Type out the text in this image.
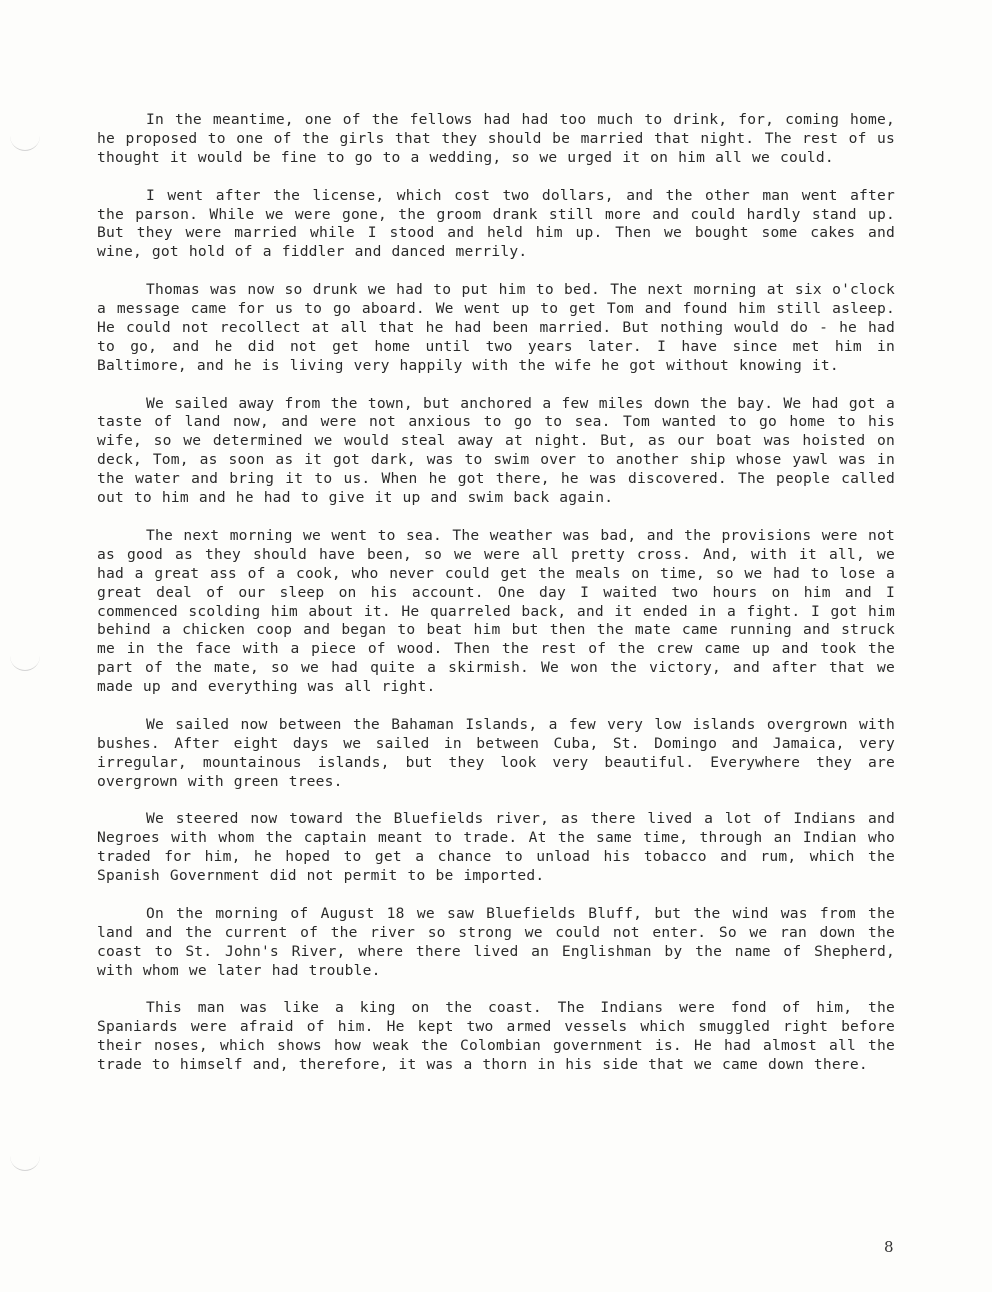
In the meantime, one of the fellows had had too much to drink, for, coming home, he proposed to one of the girls that they should be married that night. The rest of us thought it would be fine to go to a wedding, so we urged it on him all we could.

I went after the license, which cost two dollars, and the other man went after the parson. While we were gone, the groom drank still more and could hardly stand up. But they were married while I stood and held him up. Then we bought some cakes and wine, got hold of a fiddler and danced merrily.

Thomas was now so drunk we had to put him to bed. The next morning at six o'clock a message came for us to go aboard. We went up to get Tom and found him still asleep. He could not recollect at all that he had been married. But nothing would do - he had to go, and he did not get home until two years later. I have since met him in Baltimore, and he is living very happily with the wife he got without knowing it.

We sailed away from the town, but anchored a few miles down the bay. We had got a taste of land now, and were not anxious to go to sea. Tom wanted to go home to his wife, so we determined we would steal away at night. But, as our boat was hoisted on deck, Tom, as soon as it got dark, was to swim over to another ship whose yawl was in the water and bring it to us. When he got there, he was discovered. The people called out to him and he had to give it up and swim back again.

The next morning we went to sea. The weather was bad, and the provisions were not as good as they should have been, so we were all pretty cross. And, with it all, we had a great ass of a cook, who never could get the meals on time, so we had to lose a great deal of our sleep on his account. One day I waited two hours on him and I commenced scolding him about it. He quarreled back, and it ended in a fight. I got him behind a chicken coop and began to beat him but then the mate came running and struck me in the face with a piece of wood. Then the rest of the crew came up and took the part of the mate, so we had quite a skirmish. We won the victory, and after that we made up and everything was all right.

We sailed now between the Bahaman Islands, a few very low islands overgrown with bushes. After eight days we sailed in between Cuba, St. Domingo and Jamaica, very irregular, mountainous islands, but they look very beautiful. Everywhere they are overgrown with green trees.

We steered now toward the Bluefields river, as there lived a lot of Indians and Negroes with whom the captain meant to trade. At the same time, through an Indian who traded for him, he hoped to get a chance to unload his tobacco and rum, which the Spanish Government did not permit to be imported.

On the morning of August 18 we saw Bluefields Bluff, but the wind was from the land and the current of the river so strong we could not enter. So we ran down the coast to St. John's River, where there lived an Englishman by the name of Shepherd, with whom we later had trouble.

This man was like a king on the coast. The Indians were fond of him, the Spaniards were afraid of him. He kept two armed vessels which smuggled right before their noses, which shows how weak the Colombian government is. He had almost all the trade to himself and, therefore, it was a thorn in his side that we came down there.

8
